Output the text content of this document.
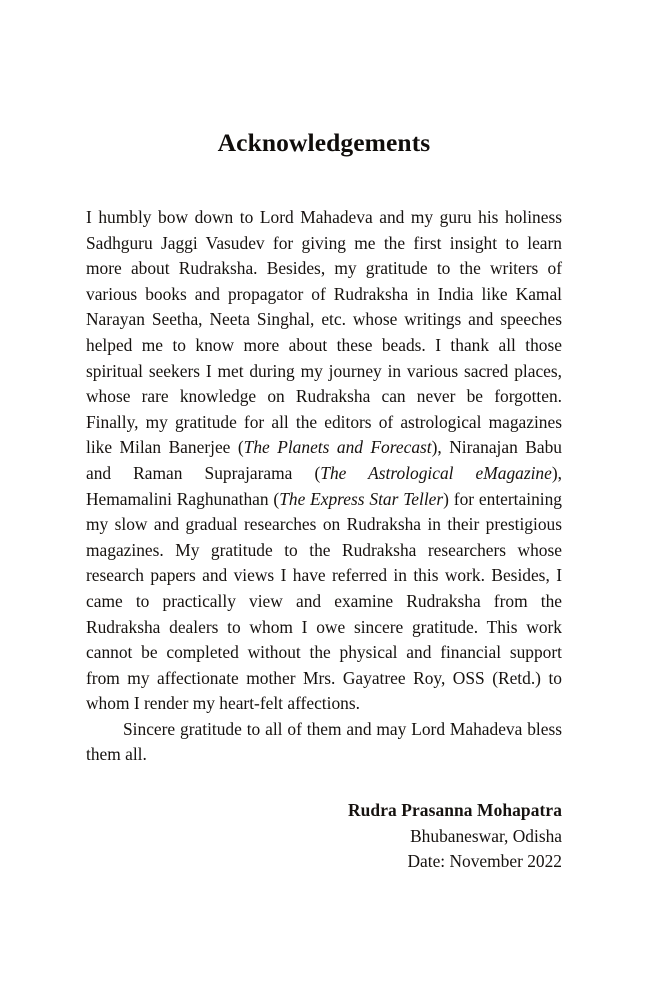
Acknowledgements

I humbly bow down to Lord Mahadeva and my guru his holiness Sadhguru Jaggi Vasudev for giving me the first insight to learn more about Rudraksha. Besides, my gratitude to the writers of various books and propagator of Rudraksha in India like Kamal Narayan Seetha, Neeta Singhal, etc. whose writings and speeches helped me to know more about these beads. I thank all those spiritual seekers I met during my journey in various sacred places, whose rare knowledge on Rudraksha can never be forgotten. Finally, my gratitude for all the editors of astrological magazines like Milan Banerjee (The Planets and Forecast), Niranajan Babu and Raman Suprajarama (The Astrological eMagazine), Hemamalini Raghunathan (The Express Star Teller) for entertaining my slow and gradual researches on Rudraksha in their prestigious magazines. My gratitude to the Rudraksha researchers whose research papers and views I have referred in this work. Besides, I came to practically view and examine Rudraksha from the Rudraksha dealers to whom I owe sincere gratitude. This work cannot be completed without the physical and financial support from my affectionate mother Mrs. Gayatree Roy, OSS (Retd.) to whom I render my heart-felt affections.

Sincere gratitude to all of them and may Lord Mahadeva bless them all.

Rudra Prasanna Mohapatra
Bhubaneswar, Odisha
Date: November 2022
